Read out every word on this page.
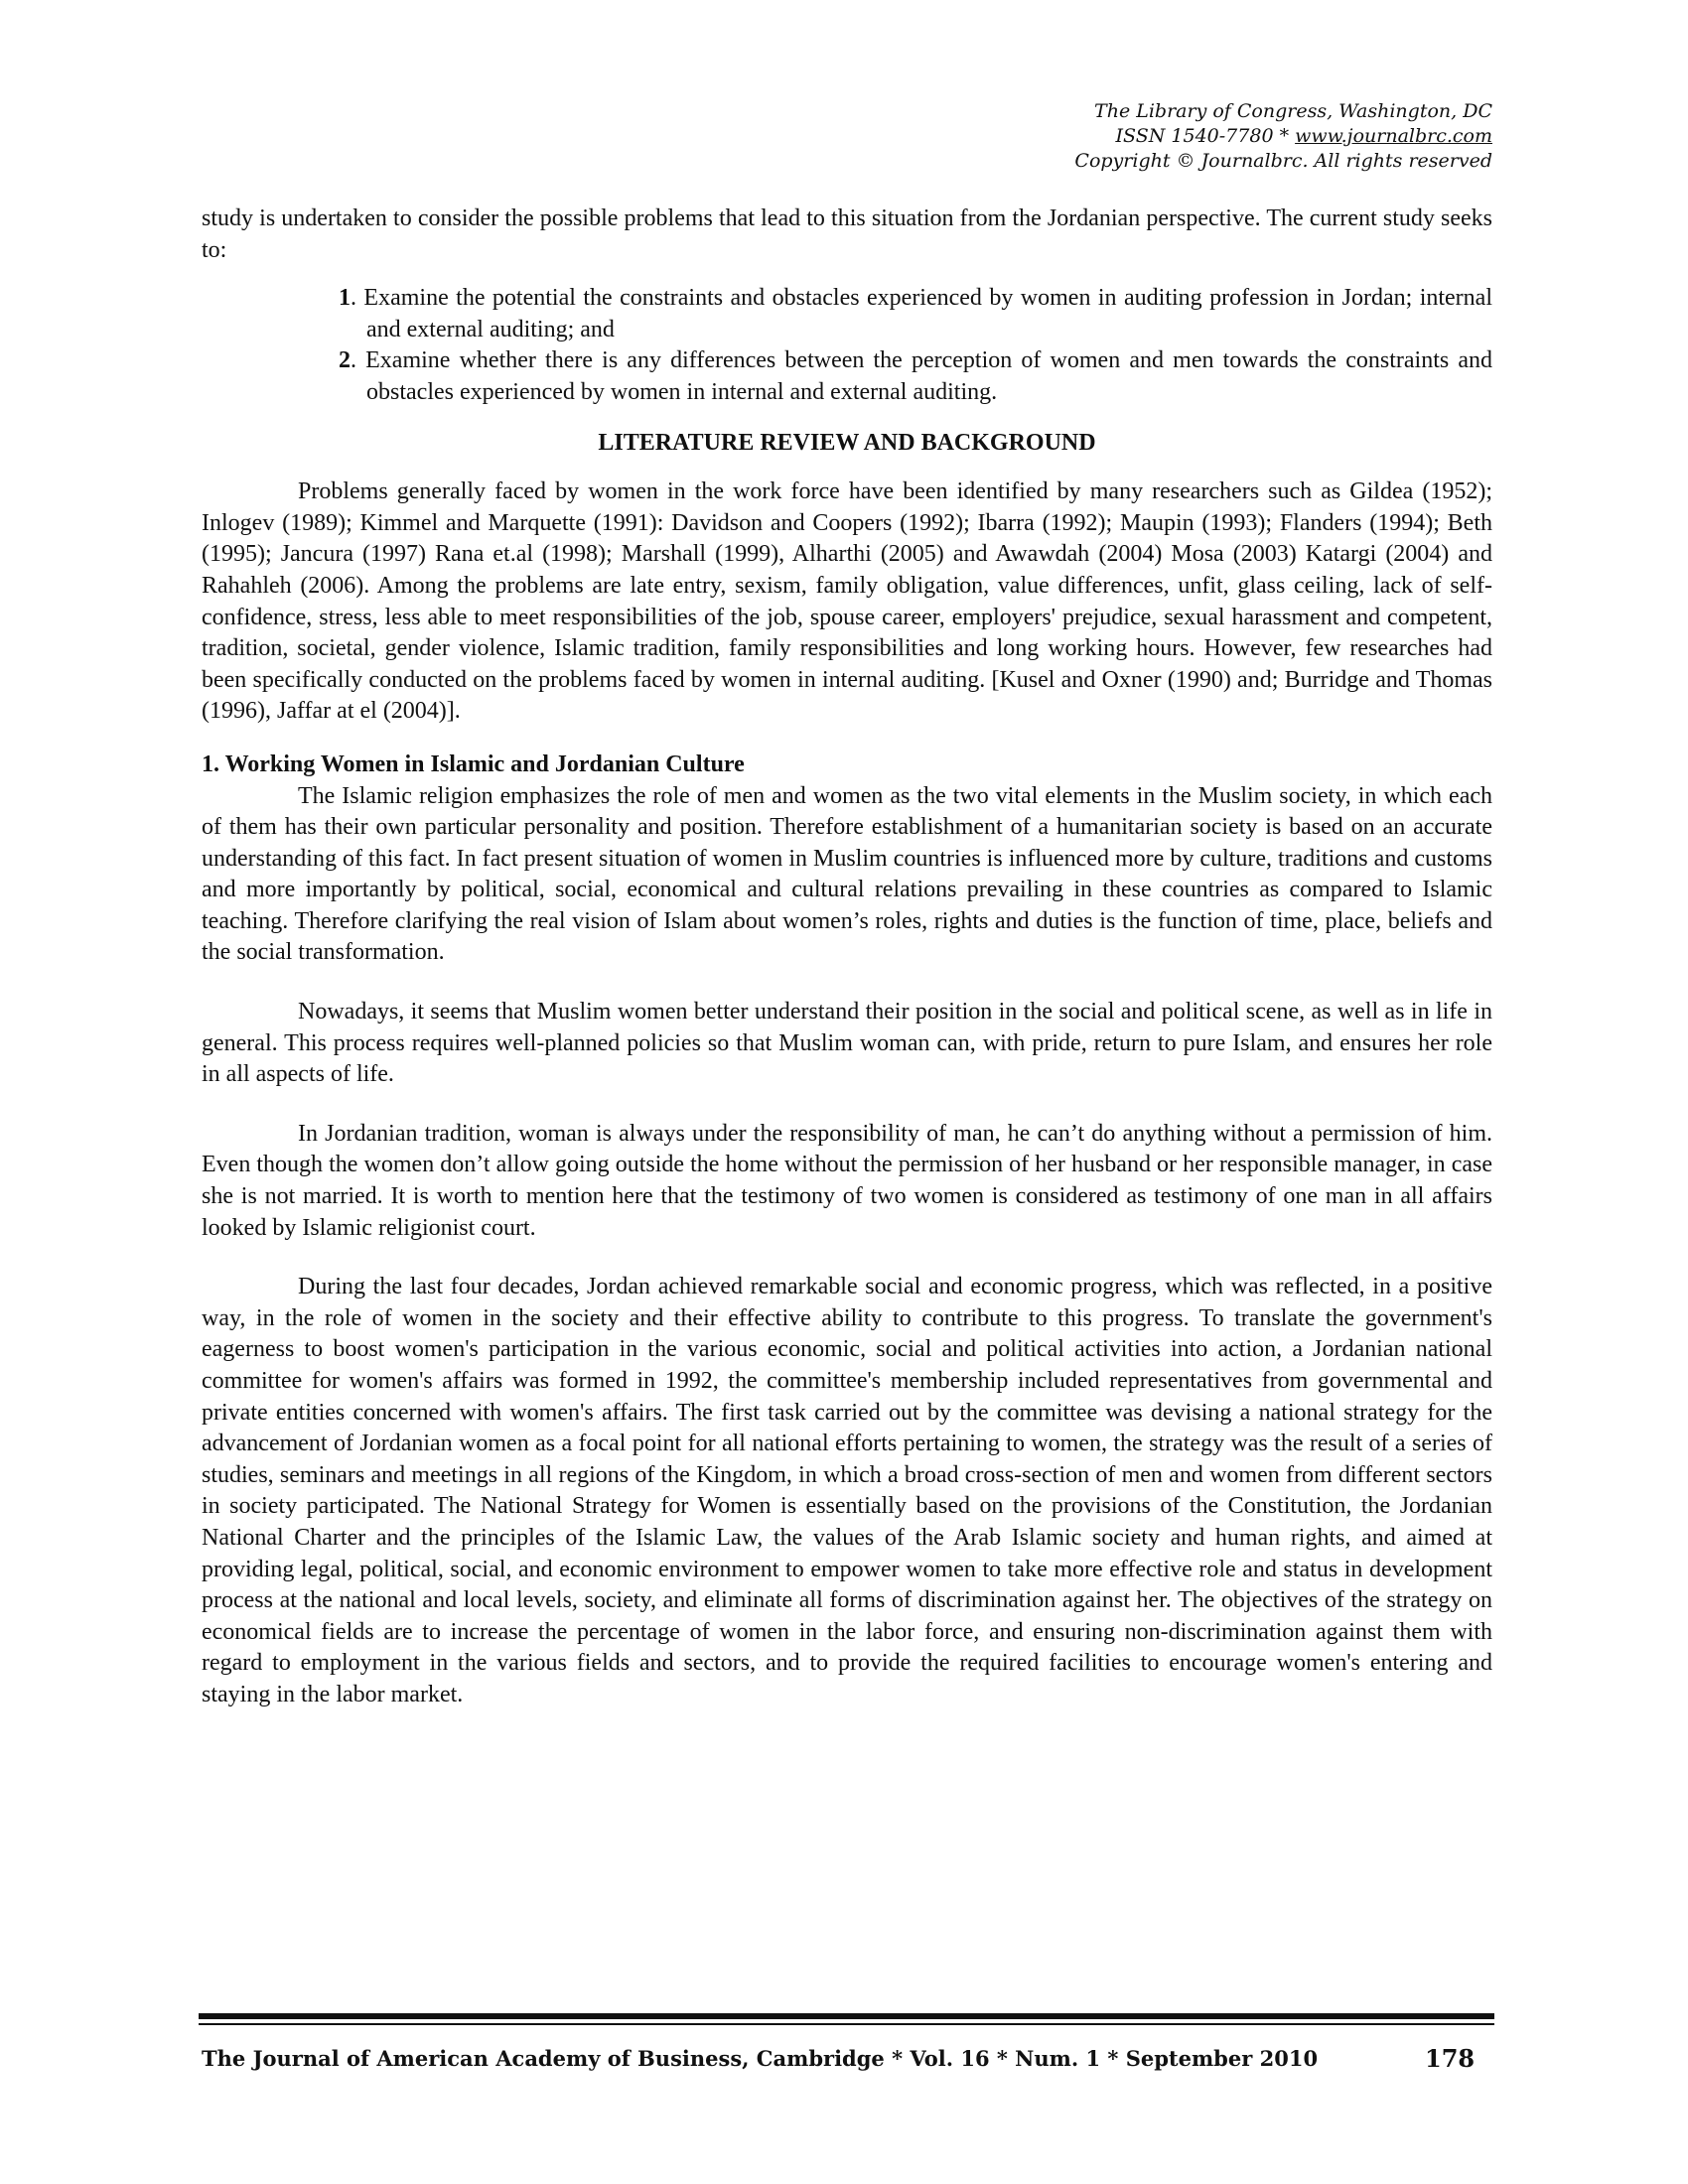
The Library of Congress, Washington, DC
ISSN 1540-7780 * www.journalbrc.com
Copyright © Journalbrc. All rights reserved

study is undertaken to consider the possible problems that lead to this situation from the Jordanian perspective. The current study seeks to:

1. Examine the potential the constraints and obstacles experienced by women in auditing profession in Jordan; internal and external auditing; and
2. Examine whether there is any differences between the perception of women and men towards the constraints and obstacles experienced by women in internal and external auditing.
LITERATURE REVIEW AND BACKGROUND

Problems generally faced by women in the work force have been identified by many researchers such as Gildea (1952); Inlogev (1989); Kimmel and Marquette (1991): Davidson and Coopers (1992); Ibarra (1992); Maupin (1993); Flanders (1994); Beth (1995); Jancura (1997) Rana et.al (1998); Marshall (1999), Alharthi (2005) and Awawdah (2004) Mosa (2003) Katargi (2004) and Rahahleh (2006). Among the problems are late entry, sexism, family obligation, value differences, unfit, glass ceiling, lack of self-confidence, stress, less able to meet responsibilities of the job, spouse career, employers' prejudice, sexual harassment and competent, tradition, societal, gender violence, Islamic tradition, family responsibilities and long working hours. However, few researches had been specifically conducted on the problems faced by women in internal auditing. [Kusel and Oxner (1990) and; Burridge and Thomas (1996), Jaffar at el (2004)].

1. Working Women in Islamic and Jordanian Culture

The Islamic religion emphasizes the role of men and women as the two vital elements in the Muslim society, in which each of them has their own particular personality and position. Therefore establishment of a humanitarian society is based on an accurate understanding of this fact. In fact present situation of women in Muslim countries is influenced more by culture, traditions and customs and more importantly by political, social, economical and cultural relations prevailing in these countries as compared to Islamic teaching. Therefore clarifying the real vision of Islam about women’s roles, rights and duties is the function of time, place, beliefs and the social transformation.

Nowadays, it seems that Muslim women better understand their position in the social and political scene, as well as in life in general. This process requires well-planned policies so that Muslim woman can, with pride, return to pure Islam, and ensures her role in all aspects of life.

In Jordanian tradition, woman is always under the responsibility of man, he can’t do anything without a permission of him. Even though the women don’t allow going outside the home without the permission of her husband or her responsible manager, in case she is not married. It is worth to mention here that the testimony of two women is considered as testimony of one man in all affairs looked by Islamic religionist court.

During the last four decades, Jordan achieved remarkable social and economic progress, which was reflected, in a positive way, in the role of women in the society and their effective ability to contribute to this progress. To translate the government's eagerness to boost women's participation in the various economic, social and political activities into action, a Jordanian national committee for women's affairs was formed in 1992, the committee's membership included representatives from governmental and private entities concerned with women's affairs. The first task carried out by the committee was devising a national strategy for the advancement of Jordanian women as a focal point for all national efforts pertaining to women, the strategy was the result of a series of studies, seminars and meetings in all regions of the Kingdom, in which a broad cross-section of men and women from different sectors in society participated. The National Strategy for Women is essentially based on the provisions of the Constitution, the Jordanian National Charter and the principles of the Islamic Law, the values of the Arab Islamic society and human rights, and aimed at providing legal, political, social, and economic environment to empower women to take more effective role and status in development process at the national and local levels, society, and eliminate all forms of discrimination against her. The objectives of the strategy on economical fields are to increase the percentage of women in the labor force, and ensuring non-discrimination against them with regard to employment in the various fields and sectors, and to provide the required facilities to encourage women's entering and staying in the labor market.

The Journal of American Academy of Business, Cambridge * Vol. 16 * Num. 1 * September 2010	178
